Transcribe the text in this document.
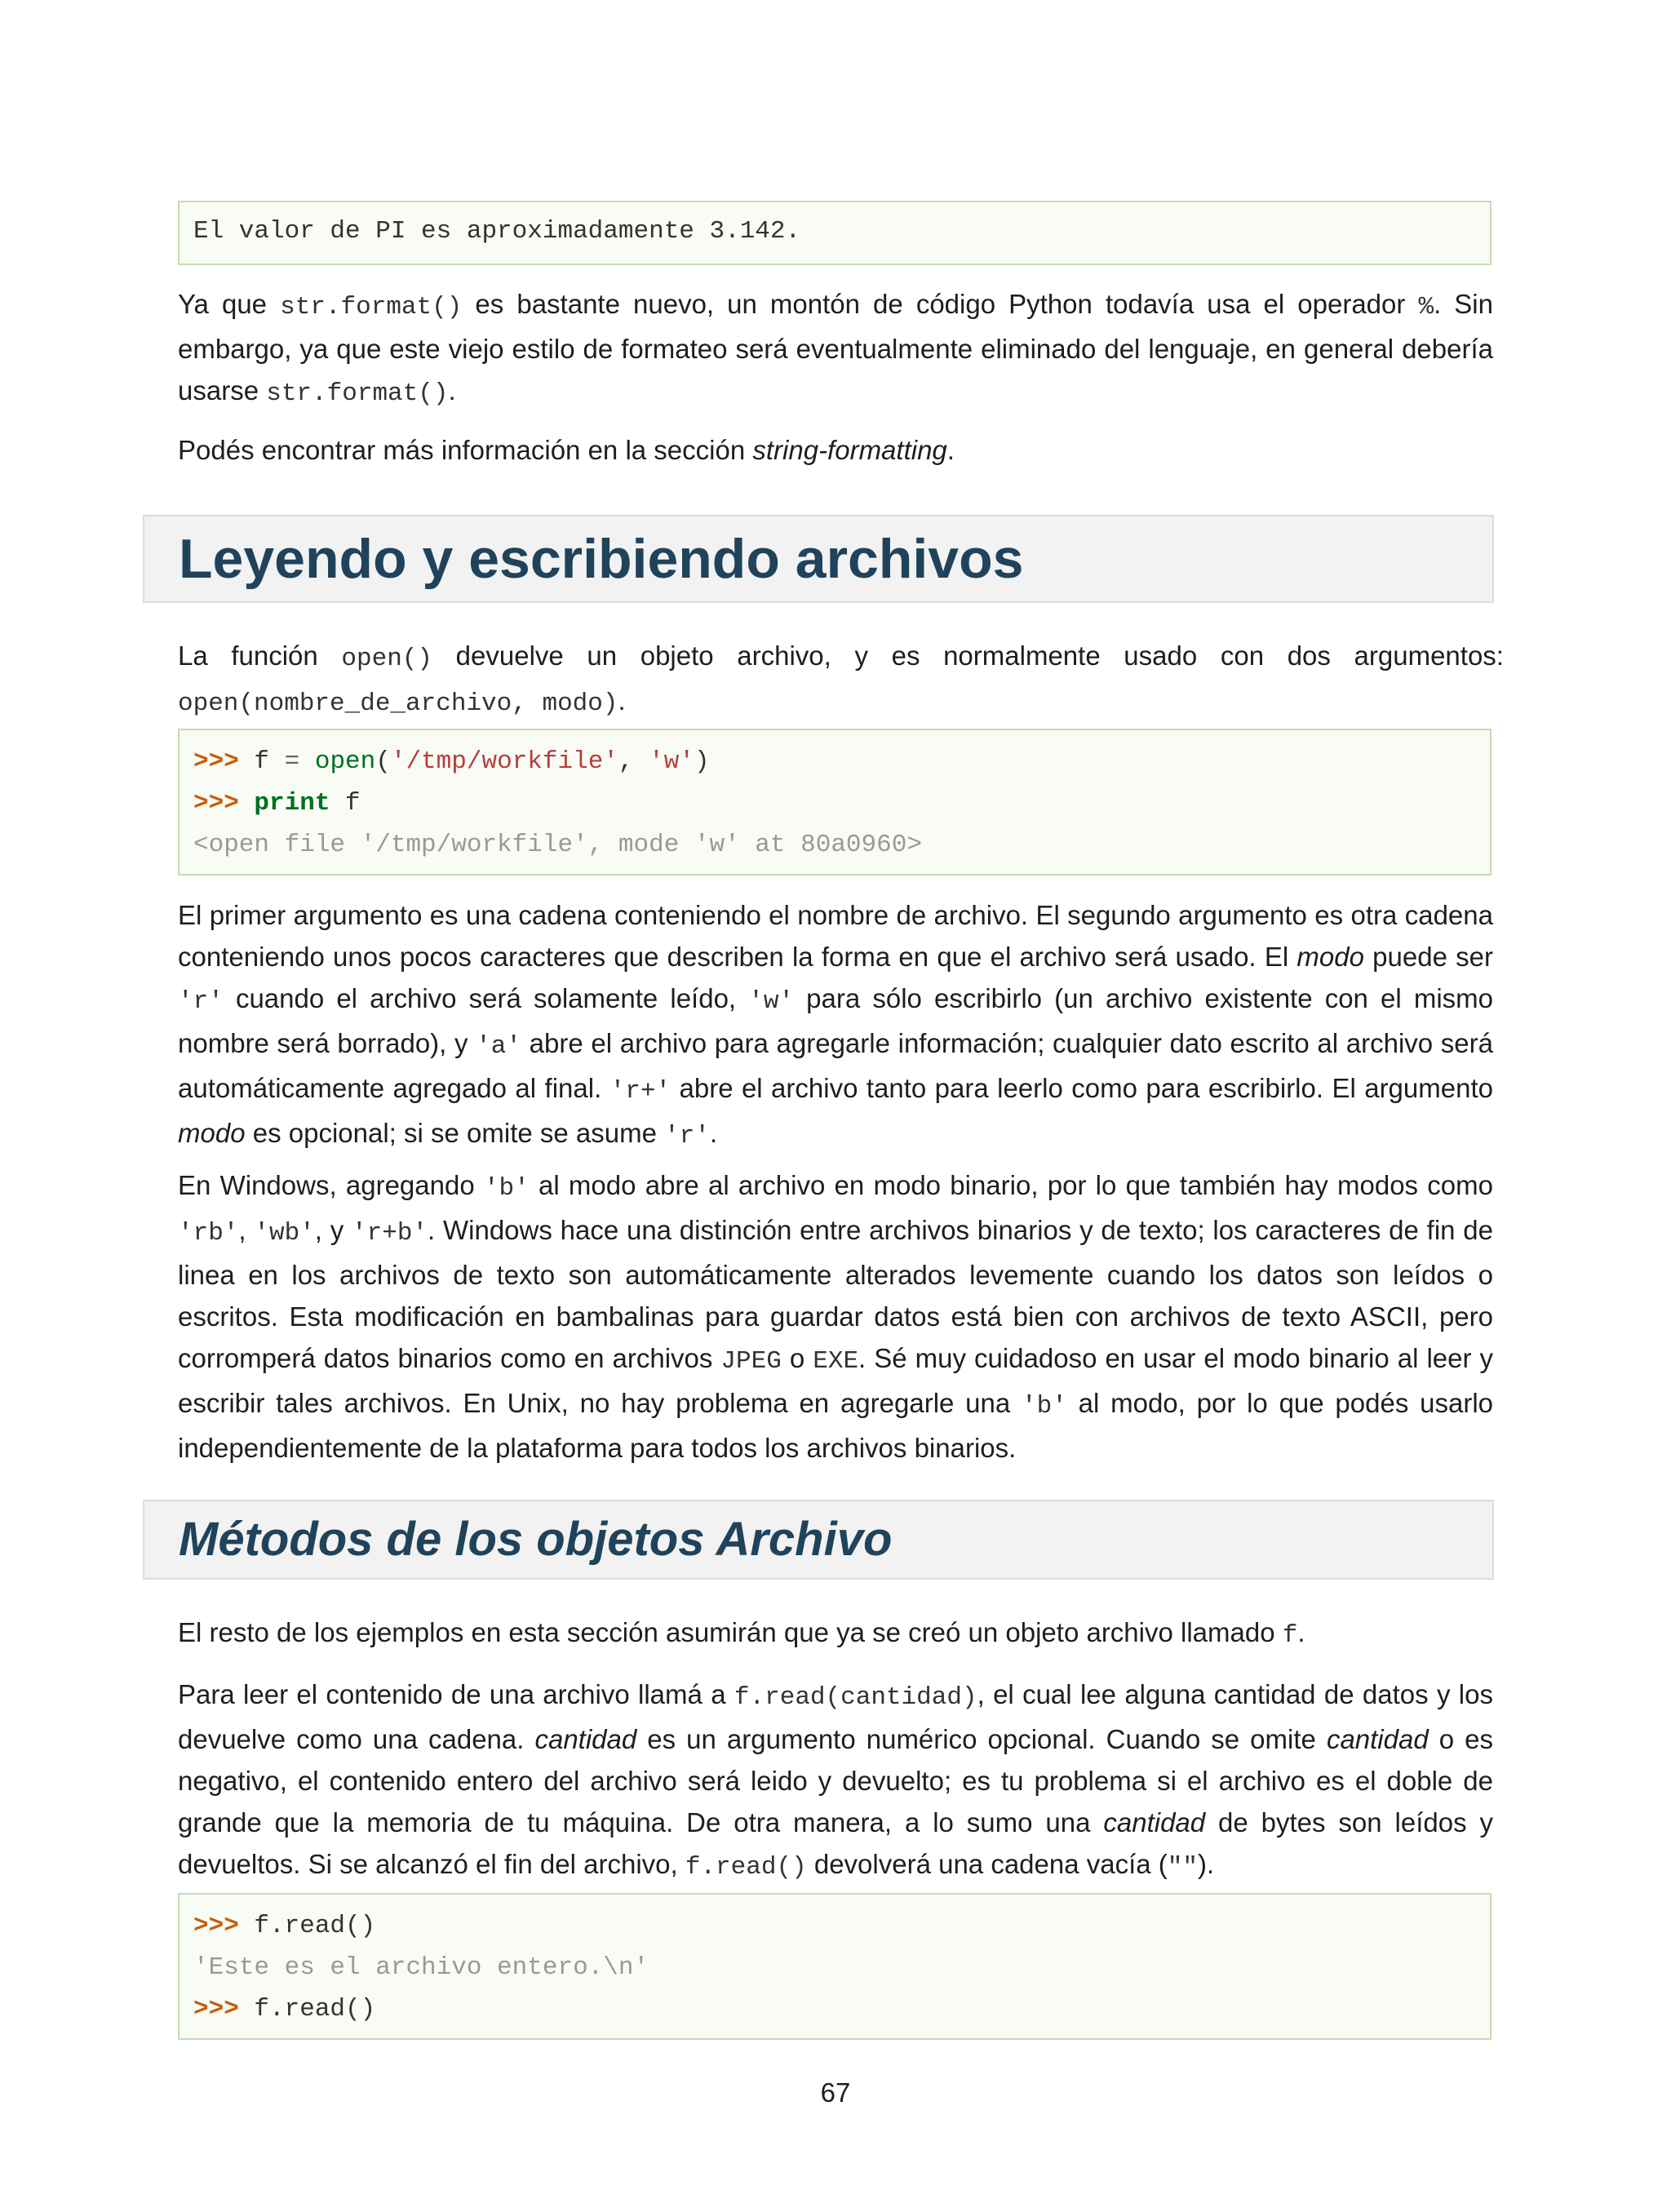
El valor de PI es aproximadamente 3.142.

Ya que str.format() es bastante nuevo, un montón de código Python todavía usa el operador %. Sin embargo, ya que este viejo estilo de formateo será eventualmente eliminado del lenguaje, en general debería usarse str.format().

Podés encontrar más información en la sección string-formatting.

Leyendo y escribiendo archivos

La función open() devuelve un objeto archivo, y es normalmente usado con dos argumentos: open(nombre_de_archivo, modo).

>>> f = open('/tmp/workfile', 'w')
>>> print f
<open file '/tmp/workfile', mode 'w' at 80a0960>

El primer argumento es una cadena conteniendo el nombre de archivo. El segundo argumento es otra cadena conteniendo unos pocos caracteres que describen la forma en que el archivo será usado. El modo puede ser 'r' cuando el archivo será solamente leído, 'w' para sólo escribirlo (un archivo existente con el mismo nombre será borrado), y 'a' abre el archivo para agregarle información; cualquier dato escrito al archivo será automáticamente agregado al final. 'r+' abre el archivo tanto para leerlo como para escribirlo. El argumento modo es opcional; si se omite se asume 'r'.

En Windows, agregando 'b' al modo abre al archivo en modo binario, por lo que también hay modos como 'rb', 'wb', y 'r+b'. Windows hace una distinción entre archivos binarios y de texto; los caracteres de fin de linea en los archivos de texto son automáticamente alterados levemente cuando los datos son leídos o escritos. Esta modificación en bambalinas para guardar datos está bien con archivos de texto ASCII, pero corromperá datos binarios como en archivos JPEG o EXE. Sé muy cuidadoso en usar el modo binario al leer y escribir tales archivos. En Unix, no hay problema en agregarle una 'b' al modo, por lo que podés usarlo independientemente de la plataforma para todos los archivos binarios.

Métodos de los objetos Archivo

El resto de los ejemplos en esta sección asumirán que ya se creó un objeto archivo llamado f.

Para leer el contenido de una archivo llamá a f.read(cantidad), el cual lee alguna cantidad de datos y los devuelve como una cadena. cantidad es un argumento numérico opcional. Cuando se omite cantidad o es negativo, el contenido entero del archivo será leido y devuelto; es tu problema si el archivo es el doble de grande que la memoria de tu máquina. De otra manera, a lo sumo una cantidad de bytes son leídos y devueltos. Si se alcanzó el fin del archivo, f.read() devolverá una cadena vacía ("").

>>> f.read()
'Este es el archivo entero.\n'
>>> f.read()
67
